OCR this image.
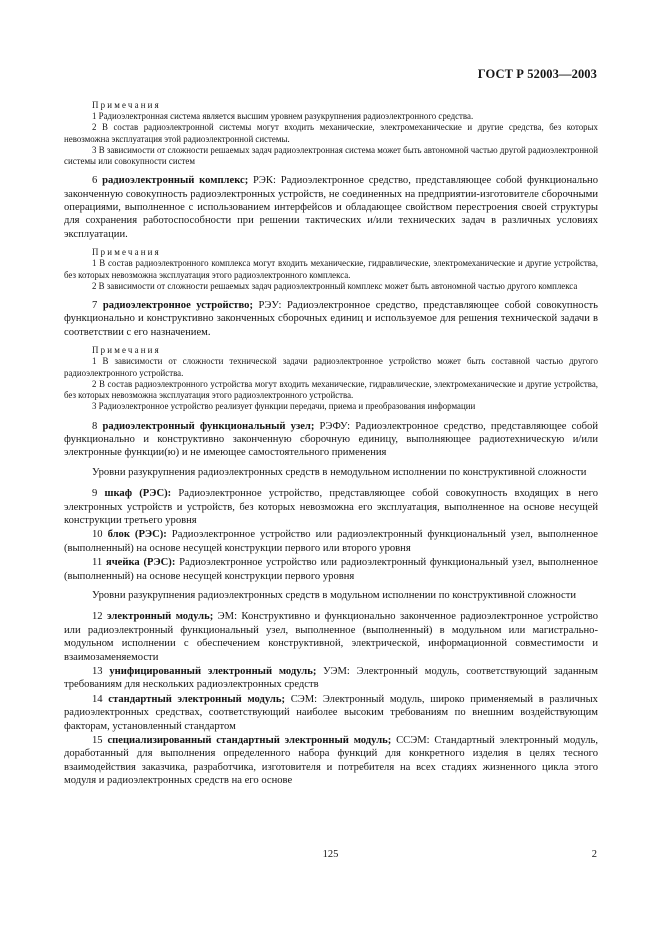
ГОСТ Р 52003—2003
Примечания

1 Радиоэлектронная система является высшим уровнем разукрупнения радиоэлектронного средства.

2 В состав радиоэлектронной системы могут входить механические, электромеханические и другие средства, без которых невозможна эксплуатация этой радиоэлектронной системы.

3 В зависимости от сложности решаемых задач радиоэлектронная система может быть автономной частью другой радиоэлектронной системы или совокупности систем

6 радиоэлектронный комплекс; РЭК: Радиоэлектронное средство, представляющее собой функционально законченную совокупность радиоэлектронных устройств, не соединенных на предприятии-изготовителе сборочными операциями, выполненное с использованием интерфейсов и обладающее свойством перестроения своей структуры для сохранения работоспособности при решении тактических и/или технических задач в различных условиях эксплуатации.

Примечания

1 В состав радиоэлектронного комплекса могут входить механические, гидравлические, электромеханические и другие устройства, без которых невозможна эксплуатация этого радиоэлектронного комплекса.

2 В зависимости от сложности решаемых задач радиоэлектронный комплекс может быть автономной частью другого комплекса

7 радиоэлектронное устройство; РЭУ: Радиоэлектронное средство, представляющее собой совокупность функционально и конструктивно законченных сборочных единиц и используемое для решения технической задачи в соответствии с его назначением.

Примечания

1 В зависимости от сложности технической задачи радиоэлектронное устройство может быть составной частью другого радиоэлектронного устройства.

2 В состав радиоэлектронного устройства могут входить механические, гидравлические, электромеханические и другие устройства, без которых невозможна эксплуатация этого радиоэлектронного устройства.

3 Радиоэлектронное устройство реализует функции передачи, приема и преобразования информации

8 радиоэлектронный функциональный узел; РЭФУ: Радиоэлектронное средство, представляющее собой функционально и конструктивно законченную сборочную единицу, выполняющее радиотехническую и/или электронные функции(ю) и не имеющее самостоятельного применения

Уровни разукрупнения радиоэлектронных средств в немодульном исполнении по конструктивной сложности

9 шкаф (РЭС): Радиоэлектронное устройство, представляющее собой совокупность входящих в него электронных устройств и устройств, без которых невозможна его эксплуатация, выполненное на основе несущей конструкции третьего уровня

10 блок (РЭС): Радиоэлектронное устройство или радиоэлектронный функциональный узел, выполненное (выполненный) на основе несущей конструкции первого или второго уровня

11 ячейка (РЭС): Радиоэлектронное устройство или радиоэлектронный функциональный узел, выполненное (выполненный) на основе несущей конструкции первого уровня

Уровни разукрупнения радиоэлектронных средств в модульном исполнении по конструктивной сложности

12 электронный модуль; ЭМ: Конструктивно и функционально законченное радиоэлектронное устройство или радиоэлектронный функциональный узел, выполненное (выполненный) в модульном или магистрально-модульном исполнении с обеспечением конструктивной, электрической, информационной совместимости и взаимозаменяемости

13 унифицированный электронный модуль; УЭМ: Электронный модуль, соответствующий заданным требованиям для нескольких радиоэлектронных средств

14 стандартный электронный модуль; СЭМ: Электронный модуль, широко применяемый в различных радиоэлектронных средствах, соответствующий наиболее высоким требованиям по внешним воздействующим факторам, установленный стандартом

15 специализированный стандартный электронный модуль; ССЭМ: Стандартный электронный модуль, доработанный для выполнения определенного набора функций для конкретного изделия в целях тесного взаимодействия заказчика, разработчика, изготовителя и потребителя на всех стадиях жизненного цикла этого модуля и радиоэлектронных средств на его основе

125	2
